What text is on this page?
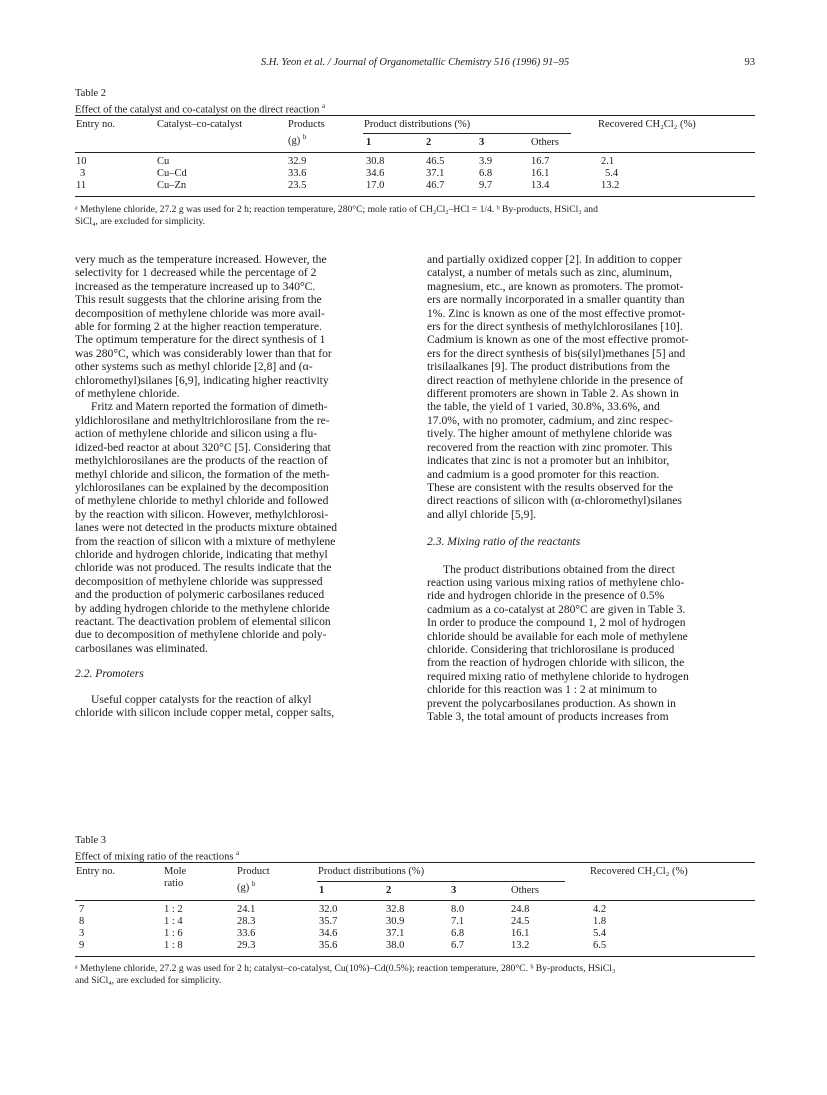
S.H. Yeon et al. / Journal of Organometallic Chemistry 516 (1996) 91–95	93
Table 2
Effect of the catalyst and co-catalyst on the direct reaction $^a$
Entry no.	Catalyst–co-catalyst	Products
(g) $^b$
Product distributions (%)	Recovered CH₂Cl₂ (%)
1	2	3	Others
10	Cu	32.9	30.8	46.5	3.9	16.7	2.1
3	Cu–Cd	33.6	34.6	37.1	6.8	16.1	5.4
11	Cu–Zn	23.5	17.0	46.7	9.7	13.4	13.2
ᵃ Methylene chloride, 27.2 g was used for 2 h; reaction temperature, 280°C; mole ratio of CH₂Cl₂–HCl = 1/4. ᵇ By-products, HSiCl₃ and
SiCl₄, are excluded for simplicity.
very much as the temperature increased. However, the
selectivity for 1 decreased while the percentage of 2
increased as the temperature increased up to 340°C.
This result suggests that the chlorine arising from the
decomposition of methylene chloride was more avail-
able for forming 2 at the higher reaction temperature.
The optimum temperature for the direct synthesis of 1
was 280°C, which was considerably lower than that for
other systems such as methyl chloride [2,8] and (α-
chloromethyl)silanes [6,9], indicating higher reactivity
of methylene chloride.
Fritz and Matern reported the formation of dimeth-
yldichlorosilane and methyltrichlorosilane from the re-
action of methylene chloride and silicon using a flu-
idized-bed reactor at about 320°C [5]. Considering that
methylchlorosilanes are the products of the reaction of
methyl chloride and silicon, the formation of the meth-
ylchlorosilanes can be explained by the decomposition
of methylene chloride to methyl chloride and followed
by the reaction with silicon. However, methylchlorosi-
lanes were not detected in the products mixture obtained
from the reaction of silicon with a mixture of methylene
chloride and hydrogen chloride, indicating that methyl
chloride was not produced. The results indicate that the
decomposition of methylene chloride was suppressed
and the production of polymeric carbosilanes reduced
by adding hydrogen chloride to the methylene chloride
reactant. The deactivation problem of elemental silicon
due to decomposition of methylene chloride and poly-
carbosilanes was eliminated.
2.2. Promoters
Useful copper catalysts for the reaction of alkyl
chloride with silicon include copper metal, copper salts,
and partially oxidized copper [2]. In addition to copper
catalyst, a number of metals such as zinc, aluminum,
magnesium, etc., are known as promoters. The promot-
ers are normally incorporated in a smaller quantity than
1%. Zinc is known as one of the most effective promot-
ers for the direct synthesis of methylchlorosilanes [10].
Cadmium is known as one of the most effective promot-
ers for the direct synthesis of bis(silyl)methanes [5] and
trisilaalkanes [9]. The product distributions from the
direct reaction of methylene chloride in the presence of
different promoters are shown in Table 2. As shown in
the table, the yield of 1 varied, 30.8%, 33.6%, and
17.0%, with no promoter, cadmium, and zinc respec-
tively. The higher amount of methylene chloride was
recovered from the reaction with zinc promoter. This
indicates that zinc is not a promoter but an inhibitor,
and cadmium is a good promoter for this reaction.
These are consistent with the results observed for the
direct reactions of silicon with (α-chloromethyl)silanes
and allyl chloride [5,9].
2.3. Mixing ratio of the reactants
The product distributions obtained from the direct
reaction using various mixing ratios of methylene chlo-
ride and hydrogen chloride in the presence of 0.5%
cadmium as a co-catalyst at 280°C are given in Table 3.
In order to produce the compound 1, 2 mol of hydrogen
chloride should be available for each mole of methylene
chloride. Considering that trichlorosilane is produced
from the reaction of hydrogen chloride with silicon, the
required mixing ratio of methylene chloride to hydrogen
chloride for this reaction was 1 : 2 at minimum to
prevent the polycarbosilanes production. As shown in
Table 3, the total amount of products increases from
Table 3
Effect of mixing ratio of the reactions $^a$
Entry no.	Mole
ratio
Product
(g) $^b$
Product distributions (%)	Recovered CH₂Cl₂ (%)
1	2	3	Others
7	1 : 2	24.1	32.0	32.8	8.0	24.8	4.2
8	1 : 4	28.3	35.7	30.9	7.1	24.5	1.8
3	1 : 6	33.6	34.6	37.1	6.8	16.1	5.4
9	1 : 8	29.3	35.6	38.0	6.7	13.2	6.5
ᵃ Methylene chloride, 27.2 g was used for 2 h; catalyst–co-catalyst, Cu(10%)–Cd(0.5%); reaction temperature, 280°C. ᵇ By-products, HSiCl₃
and SiCl₄, are excluded for simplicity.
